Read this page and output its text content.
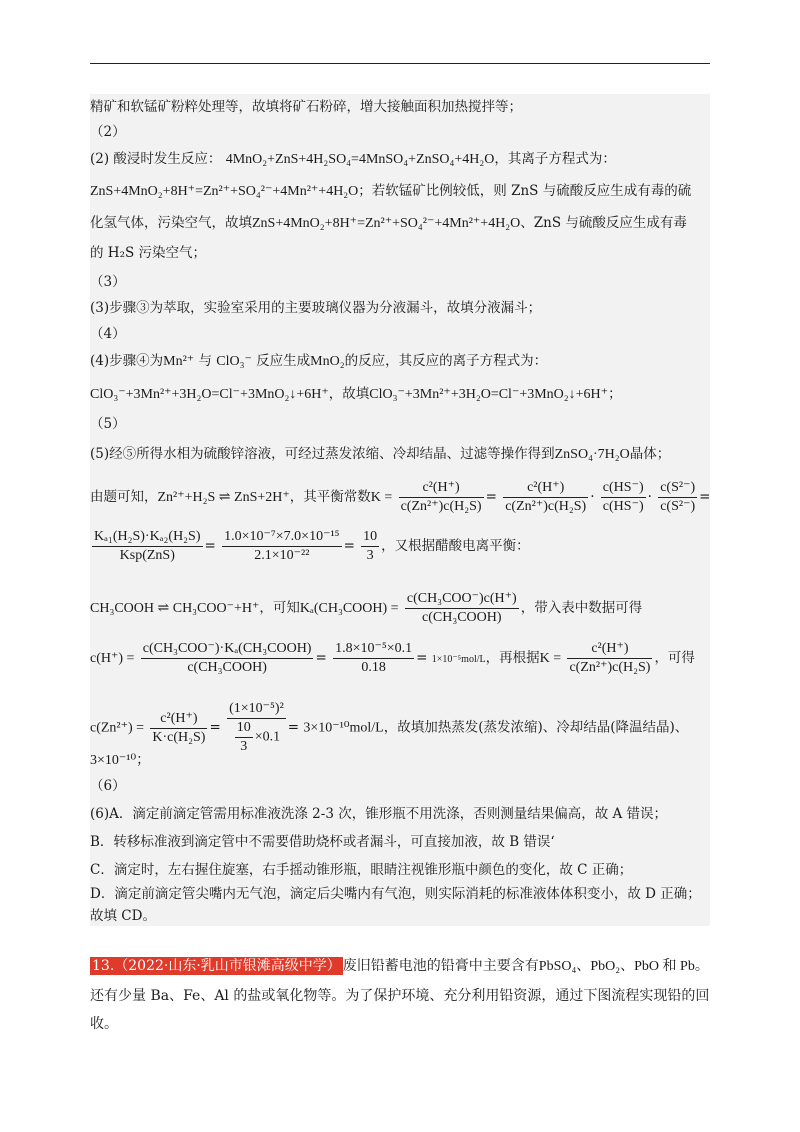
精矿和软锰矿粉粹处理等，故填将矿石粉碎，增大接触面积加热搅拌等；
（2）
(2) 酸浸时发生反应： 4MnO₂+ZnS+4H₂SO₄=4MnSO₄+ZnSO₄+4H₂O，其离子方程式为：
ZnS+4MnO₂+8H⁺=Zn²⁺+SO₄²⁻+4Mn²⁺+4H₂O；若软锰矿比例较低，则 ZnS 与硫酸反应生成有毒的硫
化氢气体，污染空气，故填ZnS+4MnO₂+8H⁺=Zn²⁺+SO₄²⁻+4Mn²⁺+4H₂O、ZnS 与硫酸反应生成有毒
的 H₂S 污染空气；
（3）
(3)步骤③为萃取，实验室采用的主要玻璃仪器为分液漏斗，故填分液漏斗；
（4）
(4)步骤④为Mn²⁺ 与 ClO₃⁻ 反应生成MnO₂的反应，其反应的离子方程式为：
ClO₃⁻+3Mn²⁺+3H₂O=Cl⁻+3MnO₂↓+6H⁺，故填ClO₃⁻+3Mn²⁺+3H₂O=Cl⁻+3MnO₂↓+6H⁺；
（5）
(5)经⑤所得水相为硫酸锌溶液，可经过蒸发浓缩、冷却结晶、过滤等操作得到ZnSO₄·7H₂O晶体；
由题可知，Zn²⁺+H₂S ⇌ ZnS+2H⁺，其平衡常数$K = \frac{\text{c²(H⁺)}}{\text{c(Zn²⁺)c(H₂S)}} = \frac{\text{c²(H⁺)}}{\text{c(Zn²⁺)c(H₂S)}} \cdot \frac{c(HS^-)}{c(HS^-)} \cdot \frac{\text{c(S²⁻)}}{\text{c(S²⁻)}}$ =
$\frac{\text{Kₐ₁(H₂S)·Kₐ₂(H₂S)}}{\text{Ksp(ZnS)}} = \frac{\text{1.0×10⁻⁷×7.0×10⁻¹⁵}}{\text{2.1×10⁻²²}} = \frac{10}{3}$ ，又根据醋酸电离平衡：
CH₃COOH ⇌ CH₃COO⁻+H⁺，可知Kₐ(CH₃COOH) = $\frac{\text{c(CH₃COO⁻)c(H⁺)}}{\text{c(CH₃COOH)}}$ ，带入表中数据可得
$c(H^+) = \frac{\text{c(CH₃COO⁻)·Kₐ(CH₃COOH)}}{\text{c(CH₃COOH)}} = \frac{\text{1.8×10⁻⁵×0.1}}{0.18} = 1\times 10^{-5}mol/L$，再根据$K = \frac{\text{c²(H⁺)}}{\text{c(Zn²⁺)c(H₂S)}}$ ，可得
$c(Zn^{2+}) = \frac{\text{c²(H⁺)}}{\text{K·c(H₂S)}} = \frac{\text{(1×10⁻⁵)²}}{\frac{10}{3} \times 0.1} = 3\times 10^{-10}mol/L$，故填加热蒸发(蒸发浓缩)、冷却结晶(降温结晶)、
3×10⁻¹⁰；
（6）
(6)A．滴定前滴定管需用标准液洗涤 2-3 次，锥形瓶不用洗涤，否则测量结果偏高，故 A 错误；
B．转移标准液到滴定管中不需要借助烧杯或者漏斗，可直接加液，故 B 错误‘
C．滴定时，左右握住旋塞，右手摇动锥形瓶，眼睛注视锥形瓶中颜色的变化，故 C 正确；
D．滴定前滴定管尖嘴内无气泡，滴定后尖嘴内有气泡，则实际消耗的标准液体体积变小，故 D 正确；
故填 CD。
13.（2022·山东·乳山市银滩高级中学） 废旧铅蓄电池的铅膏中主要含有PbSO₄、PbO₂、PbO 和 Pb。
还有少量 Ba、Fe、Al 的盐或氧化物等。为了保护环境、充分利用铅资源，通过下图流程实现铅的回
收。
